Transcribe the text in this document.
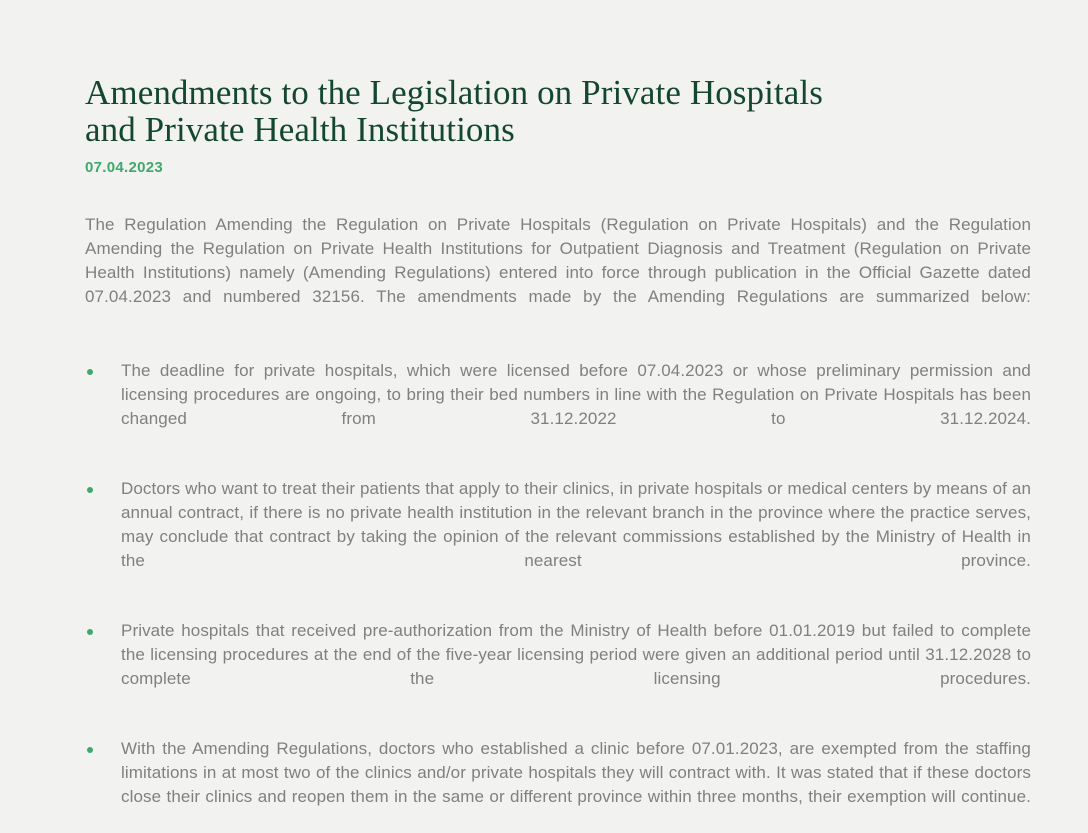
Amendments to the Legislation on Private Hospitals and Private Health Institutions
07.04.2023

The Regulation Amending the Regulation on Private Hospitals (Regulation on Private Hospitals) and the Regulation Amending the Regulation on Private Health Institutions for Outpatient Diagnosis and Treatment (Regulation on Private Health Institutions) namely (Amending Regulations) entered into force through publication in the Official Gazette dated 07.04.2023 and numbered 32156. The amendments made by the Amending Regulations are summarized below:

The deadline for private hospitals, which were licensed before 07.04.2023 or whose preliminary permission and licensing procedures are ongoing, to bring their bed numbers in line with the Regulation on Private Hospitals has been changed from 31.12.2022 to 31.12.2024.
Doctors who want to treat their patients that apply to their clinics, in private hospitals or medical centers by means of an annual contract, if there is no private health institution in the relevant branch in the province where the practice serves, may conclude that contract by taking the opinion of the relevant commissions established by the Ministry of Health in the nearest province.
Private hospitals that received pre-authorization from the Ministry of Health before 01.01.2019 but failed to complete the licensing procedures at the end of the five-year licensing period were given an additional period until 31.12.2028 to complete the licensing procedures.
With the Amending Regulations, doctors who established a clinic before 07.01.2023, are exempted from the staffing limitations in at most two of the clinics and/or private hospitals they will contract with. It was stated that if these doctors close their clinics and reopen them in the same or different province within three months, their exemption will continue.
